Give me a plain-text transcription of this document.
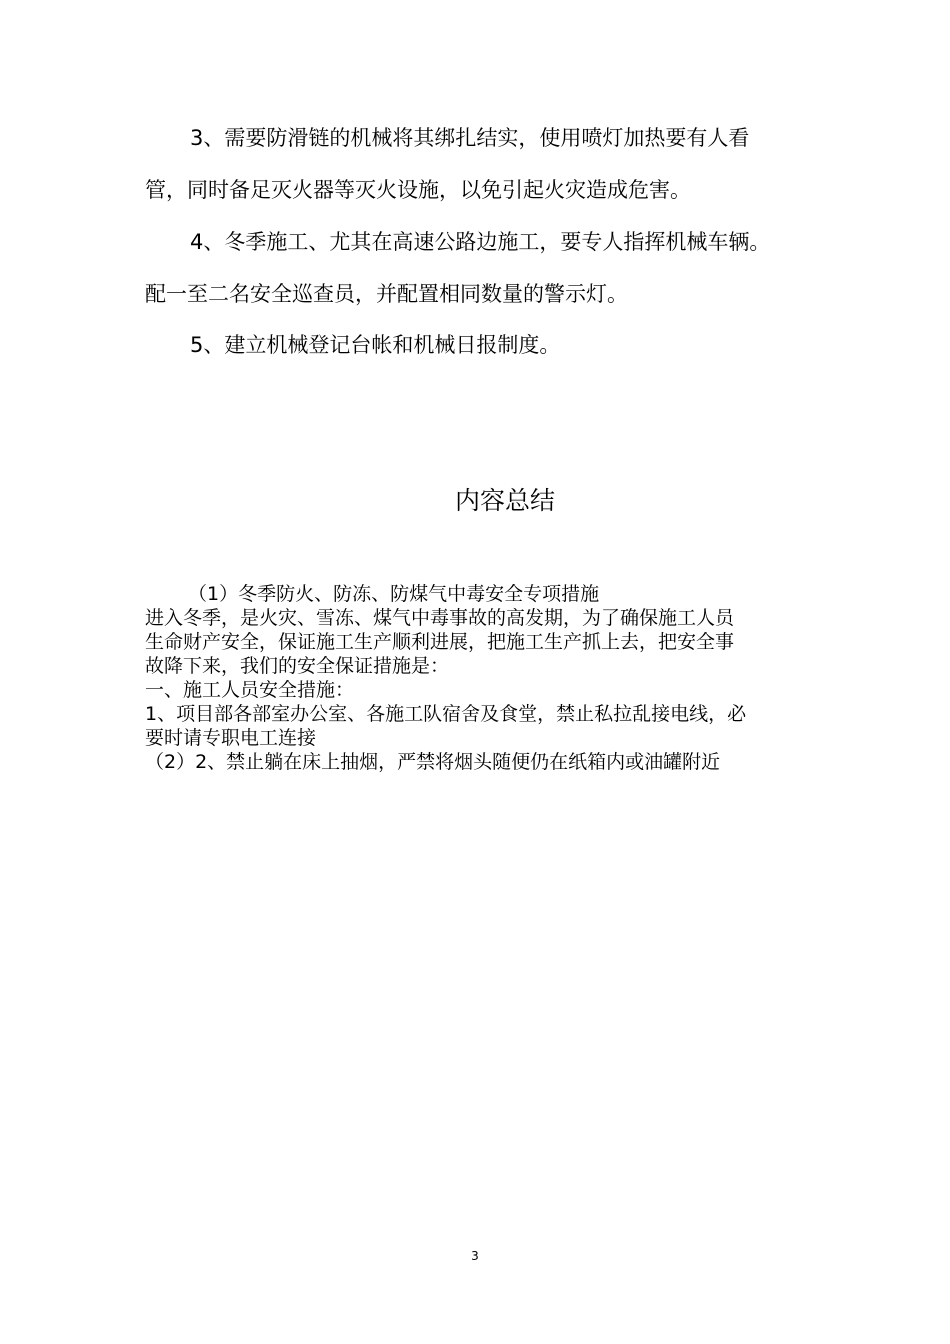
3、需要防滑链的机械将其绑扎结实，使用喷灯加热要有人看
管，同时备足灭火器等灭火设施，以免引起火灾造成危害。
4、冬季施工、尤其在高速公路边施工，要专人指挥机械车辆。
配一至二名安全巡查员，并配置相同数量的警示灯。
5、建立机械登记台帐和机械日报制度。
内容总结
（1）冬季防火、防冻、防煤气中毒安全专项措施
进入冬季，是火灾、雪冻、煤气中毒事故的高发期，为了确保施工人员
生命财产安全，保证施工生产顺利进展，把施工生产抓上去，把安全事
故降下来，我们的安全保证措施是：
一、施工人员安全措施：
1、项目部各部室办公室、各施工队宿舍及食堂，禁止私拉乱接电线，必
要时请专职电工连接
（2）2、禁止躺在床上抽烟，严禁将烟头随便仍在纸箱内或油罐附近
3
